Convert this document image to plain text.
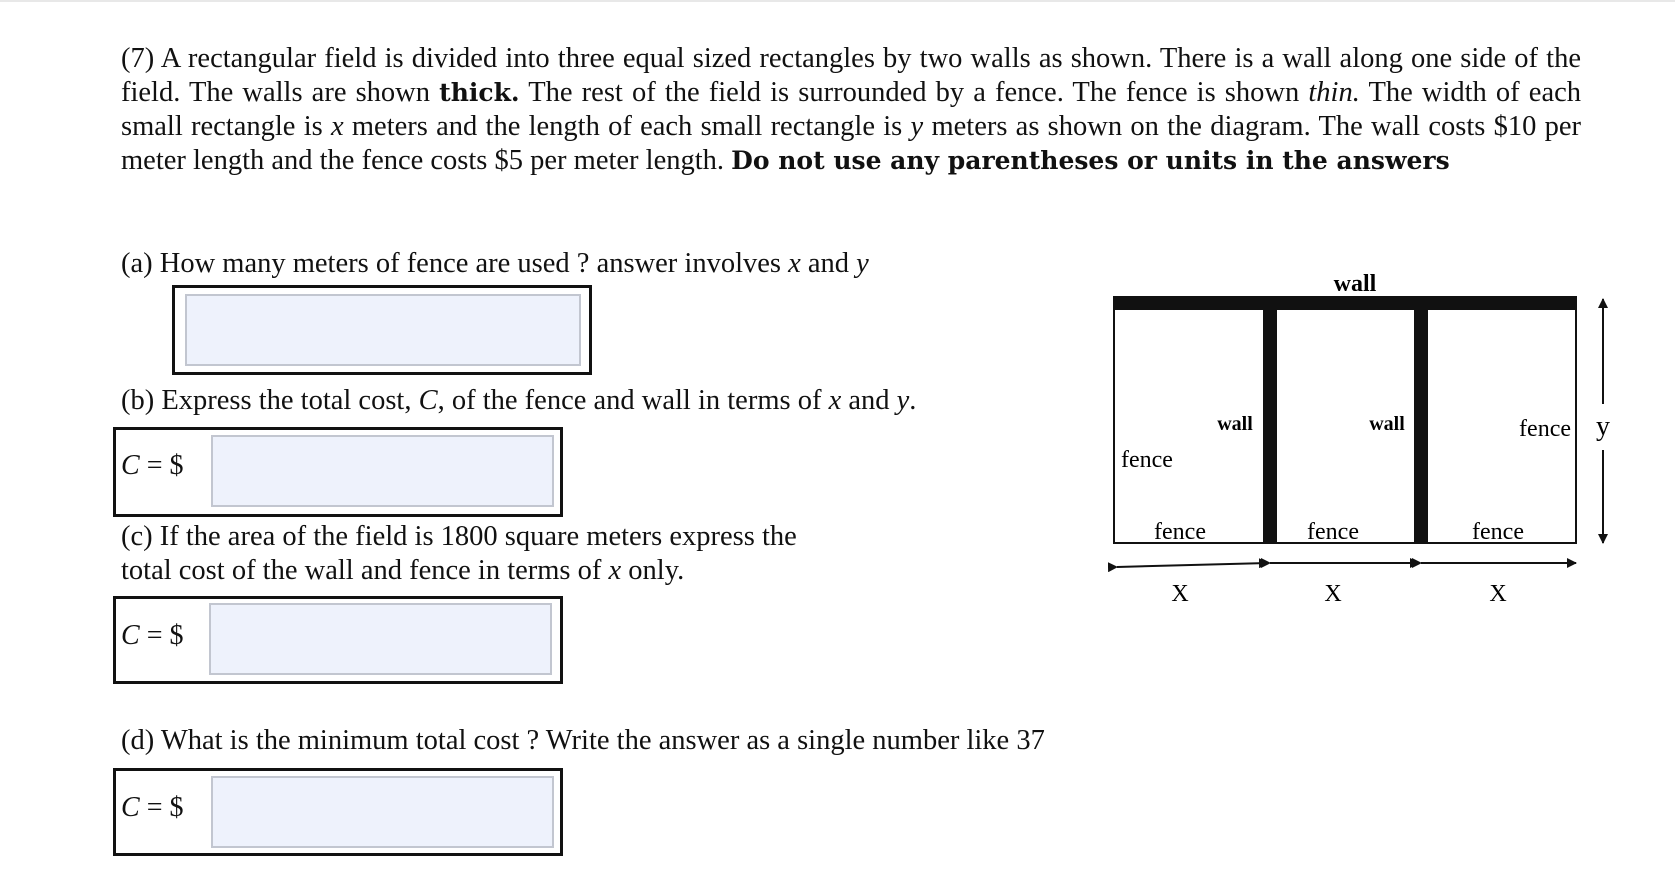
(7) A rectangular field is divided into three equal sized rectangles by two walls as shown. There is a wall along one side of the field. The walls are shown thick. The rest of the field is surrounded by a fence. The fence is shown thin. The width of each small rectangle is x meters and the length of each small rectangle is y meters as shown on the diagram. The wall costs $10 per meter length and the fence costs $5 per meter length. Do not use any parentheses or units in the answers
(a) How many meters of fence are used ? answer involves x and y
(b) Express the total cost, C, of the fence and wall in terms of x and y.
C = $
(c) If the area of the field is 1800 square meters express the
total cost of the wall and fence in terms of x only.
C = $
(d) What is the minimum total cost ? Write the answer as a single number like 37
C = $
wall
wall	wall
fence
fence
fence	fence	fence
X	X	X
y
